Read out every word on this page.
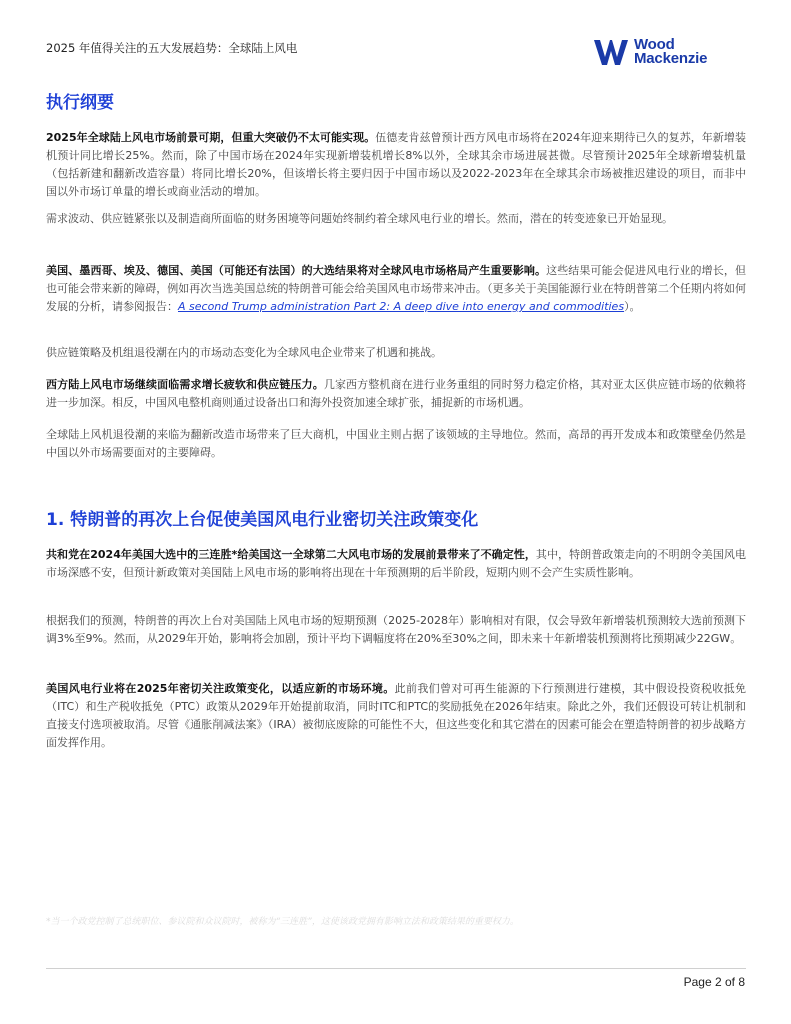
2025 年值得关注的五大发展趋势：全球陆上风电	Wood
Mackenzie
执行纲要

2025年全球陆上风电市场前景可期，但重大突破仍不太可能实现。伍德麦肯兹曾预计西方风电市场将在2024年迎来期待已久的复苏，年新增装机预计同比增长25%。然而，除了中国市场在2024年实现新增装机增长8%以外，全球其余市场进展甚微。尽管预计2025年全球新增装机量（包括新建和翻新改造容量）将同比增长20%，但该增长将主要归因于中国市场以及2022-2023年在全球其余市场被推迟建设的项目，而非中国以外市场订单量的增长或商业活动的增加。

需求波动、供应链紧张以及制造商所面临的财务困境等问题始终制约着全球风电行业的增长。然而，潜在的转变迹象已开始显现。

美国、墨西哥、埃及、德国、美国（可能还有法国）的大选结果将对全球风电市场格局产生重要影响。这些结果可能会促进风电行业的增长，但也可能会带来新的障碍，例如再次当选美国总统的特朗普可能会给美国风电市场带来冲击。（更多关于美国能源行业在特朗普第二个任期内将如何发展的分析，请参阅报告：A second Trump administration Part 2: A deep dive into energy and commodities）。

供应链策略及机组退役潮在内的市场动态变化为全球风电企业带来了机遇和挑战。

西方陆上风电市场继续面临需求增长疲软和供应链压力。几家西方整机商在进行业务重组的同时努力稳定价格，其对亚太区供应链市场的依赖将进一步加深。相反，中国风电整机商则通过设备出口和海外投资加速全球扩张，捕捉新的市场机遇。

全球陆上风机退役潮的来临为翻新改造市场带来了巨大商机，中国业主则占据了该领域的主导地位。然而，高昂的再开发成本和政策壁垒仍然是中国以外市场需要面对的主要障碍。

1. 特朗普的再次上台促使美国风电行业密切关注政策变化

共和党在2024年美国大选中的三连胜*给美国这一全球第二大风电市场的发展前景带来了不确定性，其中，特朗普政策走向的不明朗令美国风电市场深感不安，但预计新政策对美国陆上风电市场的影响将出现在十年预测期的后半阶段，短期内则不会产生实质性影响。

根据我们的预测，特朗普的再次上台对美国陆上风电市场的短期预测（2025-2028年）影响相对有限，仅会导致年新增装机预测较大选前预测下调3%至9%。然而，从2029年开始，影响将会加剧，预计平均下调幅度将在20%至30%之间，即未来十年新增装机预测将比预期减少22GW。

美国风电行业将在2025年密切关注政策变化，以适应新的市场环境。此前我们曾对可再生能源的下行预测进行建模，其中假设投资税收抵免（ITC）和生产税收抵免（PTC）政策从2029年开始提前取消，同时ITC和PTC的奖励抵免在2026年结束。除此之外，我们还假设可转让机制和直接支付选项被取消。尽管《通胀削减法案》（IRA）被彻底废除的可能性不大，但这些变化和其它潜在的因素可能会在塑造特朗普的初步战略方面发挥作用。

*当一个政党控制了总统职位、参议院和众议院时，被称为“三连胜”，这使该政党拥有影响立法和政策结果的重要权力。
Page 2 of 8
